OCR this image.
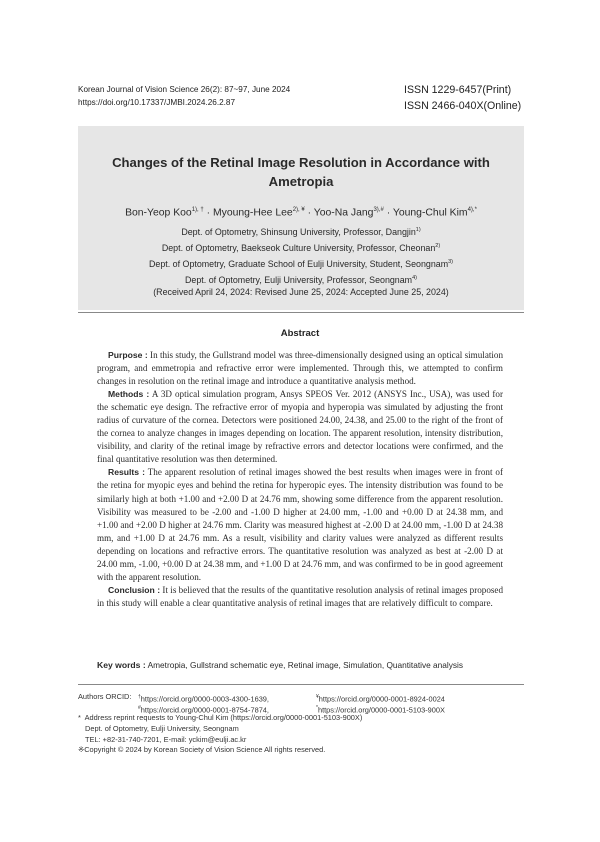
Korean Journal of Vision Science 26(2): 87~97, June 2024
https://doi.org/10.17337/JMBI.2024.26.2.87
ISSN 1229-6457(Print)
ISSN 2466-040X(Online)
Changes of the Retinal Image Resolution in Accordance with
Ametropia
Bon-Yeop Koo$^{1), \dagger}$ · Myoung-Hee Lee$^{2), ¥}$ · Yoo-Na Jang$^{3),\#}$ · Young-Chul Kim$^{4),*}$
Dept. of Optometry, Shinsung University, Professor, Dangjin$^{1)}$
Dept. of Optometry, Baekseok Culture University, Professor, Cheonan$^{2)}$
Dept. of Optometry, Graduate School of Eulji University, Student, Seongnam$^{3)}$
Dept. of Optometry, Eulji University, Professor, Seongnam$^{4)}$
(Received April 24, 2024: Revised June 25, 2024: Accepted June 25, 2024)
Abstract

Purpose : In this study, the Gullstrand model was three-dimensionally designed using an optical simulation program, and emmetropia and refractive error were implemented. Through this, we attempted to confirm changes in resolution on the retinal image and introduce a quantitative analysis method.

Methods : A 3D optical simulation program, Ansys SPEOS Ver. 2012 (ANSYS Inc., USA), was used for the schematic eye design. The refractive error of myopia and hyperopia was simulated by adjusting the front radius of curvature of the cornea. Detectors were positioned 24.00, 24.38, and 25.00 to the right of the front of the cornea to analyze changes in images depending on location. The apparent resolution, intensity distribution, visibility, and clarity of the retinal image by refractive errors and detector locations were confirmed, and the final quantitative resolution was then determined.

Results : The apparent resolution of retinal images showed the best results when images were in front of the retina for myopic eyes and behind the retina for hyperopic eyes. The intensity distribution was found to be similarly high at both +1.00 and +2.00 D at 24.76 mm, showing some difference from the apparent resolution. Visibility was measured to be -2.00 and -1.00 D higher at 24.00 mm, -1.00 and +0.00 D at 24.38 mm, and +1.00 and +2.00 D higher at 24.76 mm. Clarity was measured highest at -2.00 D at 24.00 mm, -1.00 D at 24.38 mm, and +1.00 D at 24.76 mm. As a result, visibility and clarity values were analyzed as different results depending on locations and refractive errors. The quantitative resolution was analyzed as best at -2.00 D at 24.00 mm, -1.00, +0.00 D at 24.38 mm, and +1.00 D at 24.76 mm, and was confirmed to be in good agreement with the apparent resolution.

Conclusion : It is believed that the results of the quantitative resolution analysis of retinal images proposed in this study will enable a clear quantitative analysis of retinal images that are relatively difficult to compare.

Key words : Ametropia, Gullstrand schematic eye, Retinal image, Simulation, Quantitative analysis
Authors ORCID: †https://orcid.org/0000-0003-4300-1639,	¥https://orcid.org/0000-0001-8924-0024
#https://orcid.org/0000-0001-8754-7874,	*https://orcid.org/0000-0001-5103-900X
* Address reprint requests to Young-Chul Kim (https://orcid.org/0000-0001-5103-900X)
Dept. of Optometry, Eulji University, Seongnam
TEL: +82-31-740-7201, E-mail: yckim@eulji.ac.kr
※Copyright © 2024 by Korean Society of Vision Science All rights reserved.
